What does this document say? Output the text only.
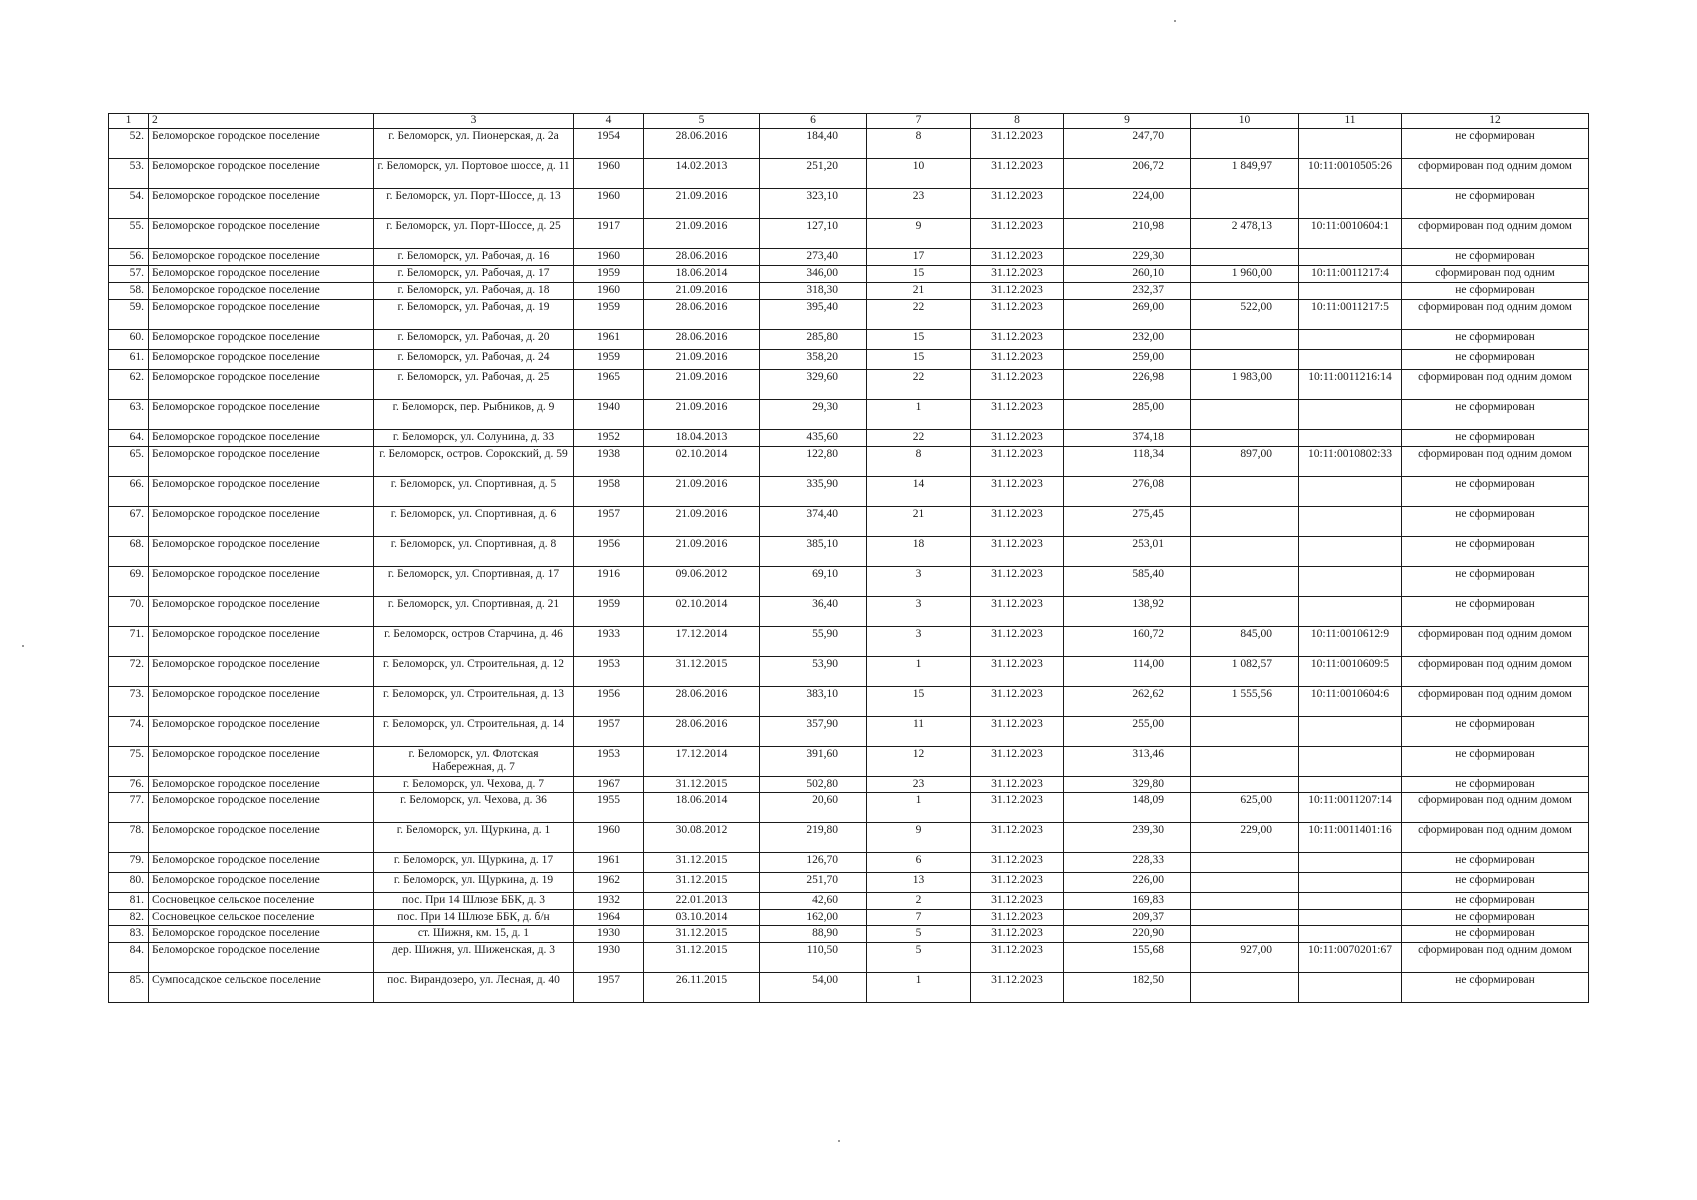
1	2	3	4	5	6	7	8	9	10	11	12
52.	Беломорское городское поселение	г. Беломорск, ул. Пионерская, д. 2а	1954	28.06.2016	184,40	8	31.12.2023	247,70			не сформирован
53.	Беломорское городское поселение	г. Беломорск, ул. Портовое шоссе, д. 11	1960	14.02.2013	251,20	10	31.12.2023	206,72	1 849,97	10:11:0010505:26	сформирован под одним домом
54.	Беломорское городское поселение	г. Беломорск, ул. Порт-Шоссе, д. 13	1960	21.09.2016	323,10	23	31.12.2023	224,00			не сформирован
55.	Беломорское городское поселение	г. Беломорск, ул. Порт-Шоссе, д. 25	1917	21.09.2016	127,10	9	31.12.2023	210,98	2 478,13	10:11:0010604:1	сформирован под одним домом
56.	Беломорское городское поселение	г. Беломорск, ул. Рабочая, д. 16	1960	28.06.2016	273,40	17	31.12.2023	229,30			не сформирован
57.	Беломорское городское поселение	г. Беломорск, ул. Рабочая, д. 17	1959	18.06.2014	346,00	15	31.12.2023	260,10	1 960,00	10:11:0011217:4	сформирован под одним
58.	Беломорское городское поселение	г. Беломорск, ул. Рабочая, д. 18	1960	21.09.2016	318,30	21	31.12.2023	232,37			не сформирован
59.	Беломорское городское поселение	г. Беломорск, ул. Рабочая, д. 19	1959	28.06.2016	395,40	22	31.12.2023	269,00	522,00	10:11:0011217:5	сформирован под одним домом
60.	Беломорское городское поселение	г. Беломорск, ул. Рабочая, д. 20	1961	28.06.2016	285,80	15	31.12.2023	232,00			не сформирован
61.	Беломорское городское поселение	г. Беломорск, ул. Рабочая, д. 24	1959	21.09.2016	358,20	15	31.12.2023	259,00			не сформирован
62.	Беломорское городское поселение	г. Беломорск, ул. Рабочая, д. 25	1965	21.09.2016	329,60	22	31.12.2023	226,98	1 983,00	10:11:0011216:14	сформирован под одним домом
63.	Беломорское городское поселение	г. Беломорск, пер. Рыбников, д. 9	1940	21.09.2016	29,30	1	31.12.2023	285,00			не сформирован
64.	Беломорское городское поселение	г. Беломорск, ул. Солунина, д. 33	1952	18.04.2013	435,60	22	31.12.2023	374,18			не сформирован
65.	Беломорское городское поселение	г. Беломорск, остров. Сорокский, д. 59	1938	02.10.2014	122,80	8	31.12.2023	118,34	897,00	10:11:0010802:33	сформирован под одним домом
66.	Беломорское городское поселение	г. Беломорск, ул. Спортивная, д. 5	1958	21.09.2016	335,90	14	31.12.2023	276,08			не сформирован
67.	Беломорское городское поселение	г. Беломорск, ул. Спортивная, д. 6	1957	21.09.2016	374,40	21	31.12.2023	275,45			не сформирован
68.	Беломорское городское поселение	г. Беломорск, ул. Спортивная, д. 8	1956	21.09.2016	385,10	18	31.12.2023	253,01			не сформирован
69.	Беломорское городское поселение	г. Беломорск, ул. Спортивная, д. 17	1916	09.06.2012	69,10	3	31.12.2023	585,40			не сформирован
70.	Беломорское городское поселение	г. Беломорск, ул. Спортивная, д. 21	1959	02.10.2014	36,40	3	31.12.2023	138,92			не сформирован
71.	Беломорское городское поселение	г. Беломорск, остров Старчина, д. 46	1933	17.12.2014	55,90	3	31.12.2023	160,72	845,00	10:11:0010612:9	сформирован под одним домом
72.	Беломорское городское поселение	г. Беломорск, ул. Строительная, д. 12	1953	31.12.2015	53,90	1	31.12.2023	114,00	1 082,57	10:11:0010609:5	сформирован под одним домом
73.	Беломорское городское поселение	г. Беломорск, ул. Строительная, д. 13	1956	28.06.2016	383,10	15	31.12.2023	262,62	1 555,56	10:11:0010604:6	сформирован под одним домом
74.	Беломорское городское поселение	г. Беломорск, ул. Строительная, д. 14	1957	28.06.2016	357,90	11	31.12.2023	255,00			не сформирован
75.	Беломорское городское поселение	г. Беломорск, ул. Флотская Набережная, д. 7	1953	17.12.2014	391,60	12	31.12.2023	313,46			не сформирован
76.	Беломорское городское поселение	г. Беломорск, ул. Чехова, д. 7	1967	31.12.2015	502,80	23	31.12.2023	329,80			не сформирован
77.	Беломорское городское поселение	г. Беломорск, ул. Чехова, д. 36	1955	18.06.2014	20,60	1	31.12.2023	148,09	625,00	10:11:0011207:14	сформирован под одним домом
78.	Беломорское городское поселение	г. Беломорск, ул. Щуркина, д. 1	1960	30.08.2012	219,80	9	31.12.2023	239,30	229,00	10:11:0011401:16	сформирован под одним домом
79.	Беломорское городское поселение	г. Беломорск, ул. Щуркина, д. 17	1961	31.12.2015	126,70	6	31.12.2023	228,33			не сформирован
80.	Беломорское городское поселение	г. Беломорск, ул. Щуркина, д. 19	1962	31.12.2015	251,70	13	31.12.2023	226,00			не сформирован
81.	Сосновецкое сельское поселение	пос. При 14 Шлюзе ББК, д. 3	1932	22.01.2013	42,60	2	31.12.2023	169,83			не сформирован
82.	Сосновецкое сельское поселение	пос. При 14 Шлюзе ББК, д. б/н	1964	03.10.2014	162,00	7	31.12.2023	209,37			не сформирован
83.	Беломорское городское поселение	ст. Шижня, км. 15, д. 1	1930	31.12.2015	88,90	5	31.12.2023	220,90			не сформирован
84.	Беломорское городское поселение	дер. Шижня, ул. Шиженская, д. 3	1930	31.12.2015	110,50	5	31.12.2023	155,68	927,00	10:11:0070201:67	сформирован под одним домом
85.	Сумпосадское сельское поселение	пос. Вирандозеро, ул. Лесная, д. 40	1957	26.11.2015	54,00	1	31.12.2023	182,50			не сформирован
